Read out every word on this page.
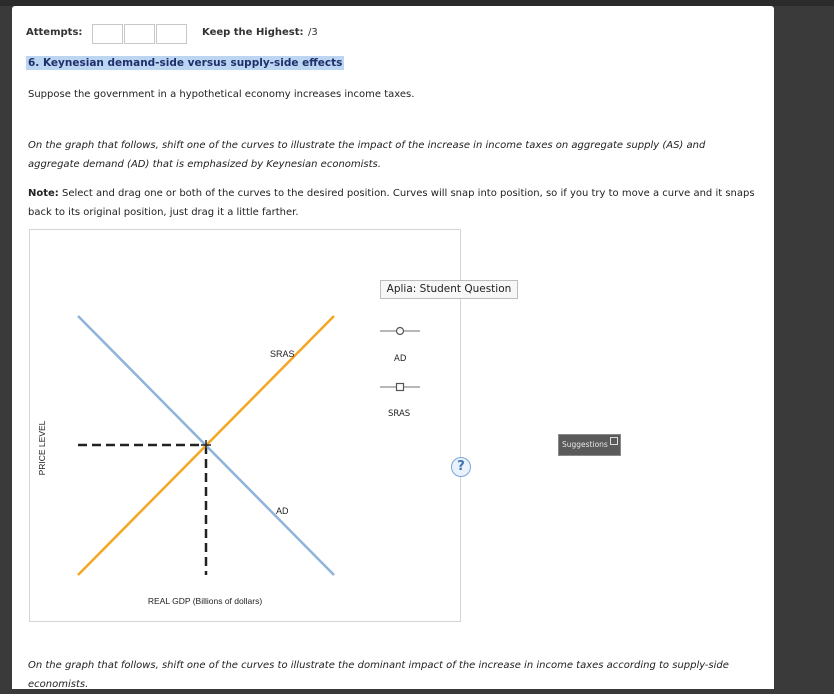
Attempts:	Keep the Highest: /3
6. Keynesian demand-side versus supply-side effects
Suppose the government in a hypothetical economy increases income taxes.
On the graph that follows, shift one of the curves to illustrate the impact of the increase in income taxes on aggregate supply (AS) and aggregate demand (AD) that is emphasized by Keynesian economists.
Note: Select and drag one or both of the curves to the desired position. Curves will snap into position, so if you try to move a curve and it snaps back to its original position, just drag it a little farther.
?
PRICE LEVEL
SRAS
AD
REAL GDP (Billions of dollars)
Aplia: Student Question
AD
SRAS
On the graph that follows, shift one of the curves to illustrate the dominant impact of the increase in income taxes according to supply-side economists.
Suggestions
